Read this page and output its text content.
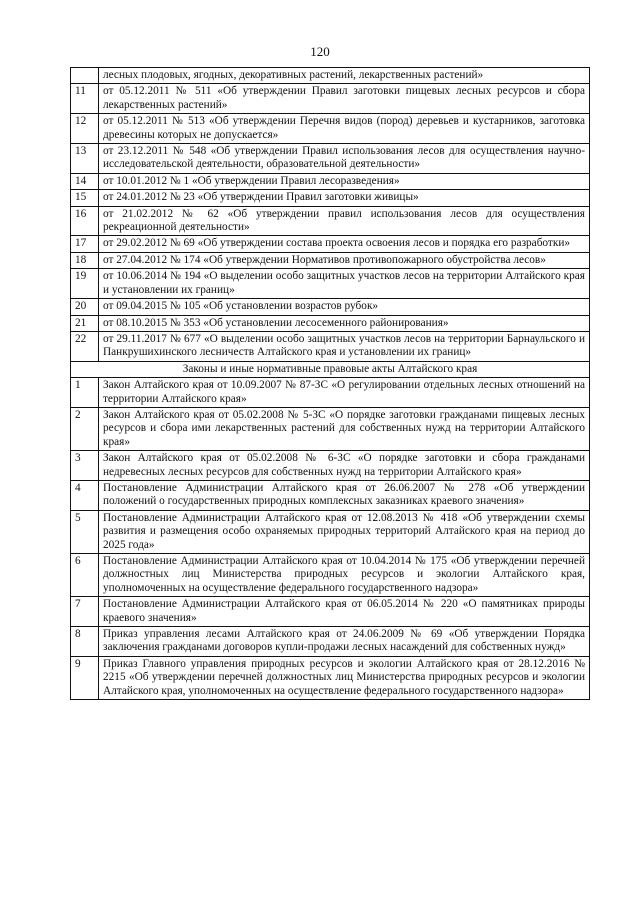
120
	лесных плодовых, ягодных, декоративных растений, лекарственных растений»
11	от 05.12.2011 № 511 «Об утверждении Правил заготовки пищевых лесных ресурсов и сбора лекарственных растений»
12	от 05.12.2011 № 513 «Об утверждении Перечня видов (пород) деревьев и кустарников, заготовка древесины которых не допускается»
13	от 23.12.2011 № 548 «Об утверждении Правил использования лесов для осуществления научно-исследовательской деятельности, образовательной деятельности»
14	от 10.01.2012 № 1 «Об утверждении Правил лесоразведения»
15	от 24.01.2012 № 23 «Об утверждении Правил заготовки живицы»
16	от 21.02.2012 № 62 «Об утверждении правил использования лесов для осуществления рекреационной деятельности»
17	от 29.02.2012 № 69 «Об утверждении состава проекта освоения лесов и порядка его разработки»
18	от 27.04.2012 № 174 «Об утверждении Нормативов противопожарного обустройства лесов»
19	от 10.06.2014 № 194 «О выделении особо защитных участков лесов на территории Алтайского края и установлении их границ»
20	от 09.04.2015 № 105 «Об установлении возрастов рубок»
21	от 08.10.2015 № 353 «Об установлении лесосеменного районирования»
22	от 29.11.2017 № 677 «О выделении особо защитных участков лесов на территории Барнаульского и Панкрушихинского лесничеств Алтайского края и установлении их границ»
Законы и иные нормативные правовые акты Алтайского края	
1	Закон Алтайского края от 10.09.2007 № 87-ЗС «О регулировании отдельных лесных отношений на территории Алтайского края»
2	Закон Алтайского края от 05.02.2008 № 5-ЗС «О порядке заготовки гражданами пищевых лесных ресурсов и сбора ими лекарственных растений для собственных нужд на территории Алтайского края»
3	Закон Алтайского края от 05.02.2008 № 6-ЗС «О порядке заготовки и сбора гражданами недревесных лесных ресурсов для собственных нужд на территории Алтайского края»
4	Постановление Администрации Алтайского края от 26.06.2007 № 278 «Об утверждении положений о государственных природных комплексных заказниках краевого значения»
5	Постановление Администрации Алтайского края от 12.08.2013 № 418 «Об утверждении схемы развития и размещения особо охраняемых природных территорий Алтайского края на период до 2025 года»
6	Постановление Администрации Алтайского края от 10.04.2014 № 175 «Об утверждении перечней должностных лиц Министерства природных ресурсов и экологии Алтайского края, уполномоченных на осуществление федерального государственного надзора»
7	Постановление Администрации Алтайского края от 06.05.2014 № 220 «О памятниках природы краевого значения»
8	Приказ управления лесами Алтайского края от 24.06.2009 № 69 «Об утверждении Порядка заключения гражданами договоров купли-продажи лесных насаждений для собственных нужд»
9	Приказ Главного управления природных ресурсов и экологии Алтайского края от 28.12.2016 № 2215 «Об утверждении перечней должностных лиц Министерства природных ресурсов и экологии Алтайского края, уполномоченных на осуществление федерального государственного надзора»
